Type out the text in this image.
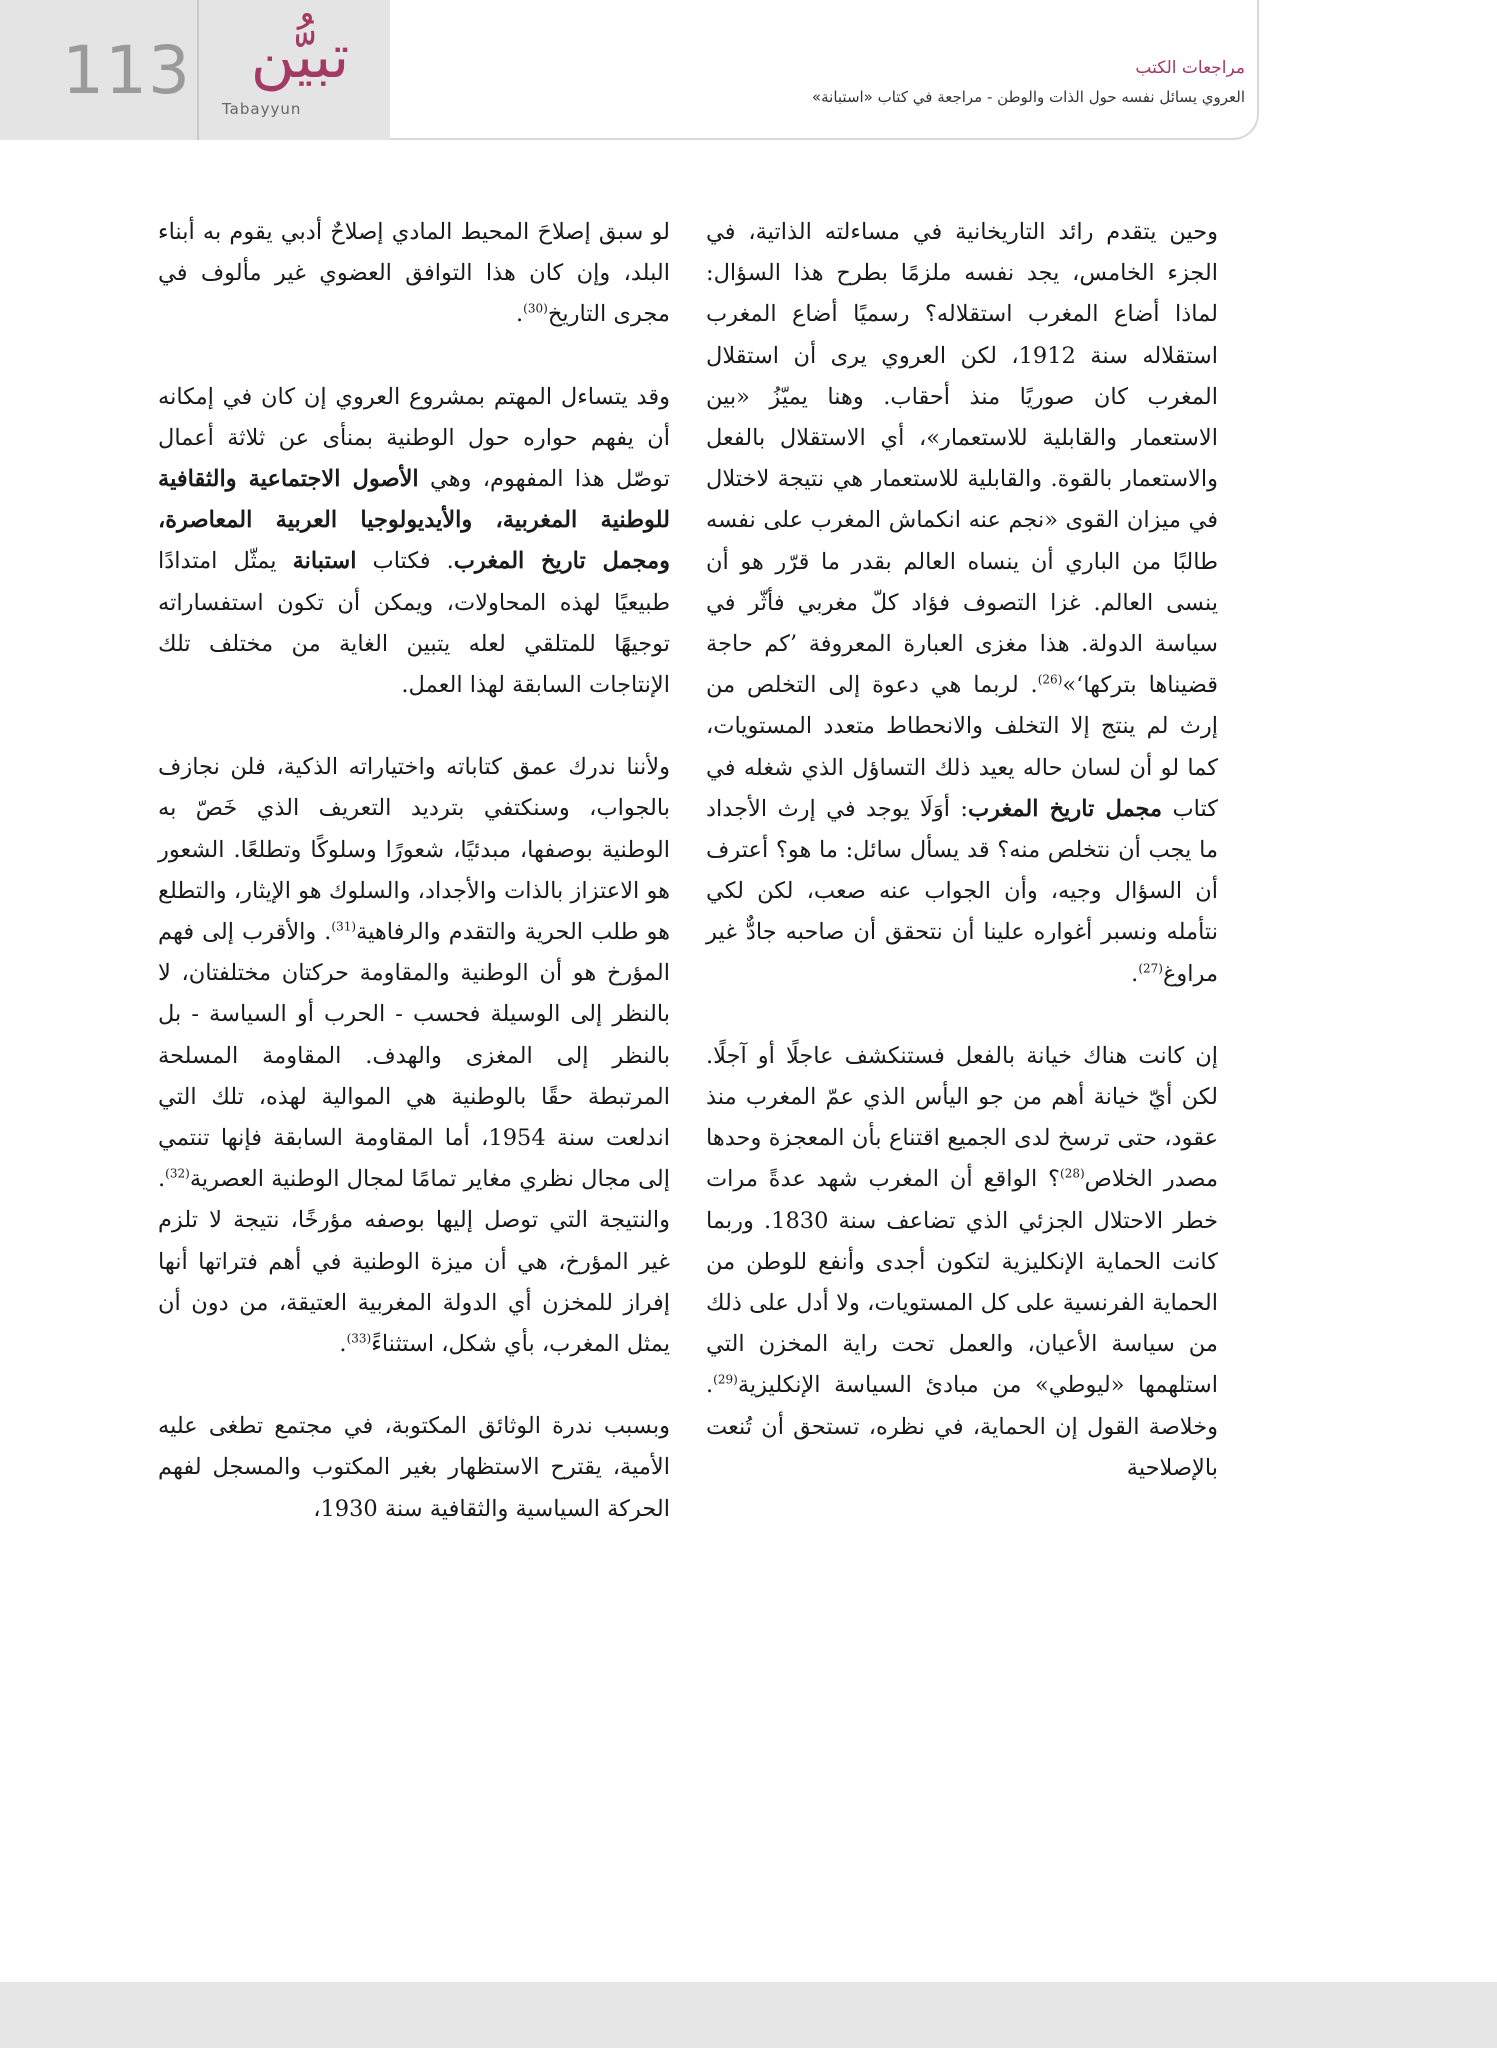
113 تبيُّن
Tabayyun
مراجعات الكتب
العروي يسائل نفسه حول الذات والوطن - مراجعة في كتاب «استبانة»

وحين يتقدم رائد التاريخانية في مساءلته الذاتية، في الجزء الخامس، يجد نفسه ملزمًا بطرح هذا السؤال: لماذا أضاع المغرب استقلاله؟ رسميًا أضاع المغرب استقلاله سنة 1912، لكن العروي يرى أن استقلال المغرب كان صوريًا منذ أحقاب. وهنا يميّزُ «بين الاستعمار والقابلية للاستعمار»، أي الاستقلال بالفعل والاستعمار بالقوة. والقابلية للاستعمار هي نتيجة لاختلال في ميزان القوى «نجم عنه انكماش المغرب على نفسه طالبًا من الباري أن ينساه العالم بقدر ما قرّر هو أن ينسى العالم. غزا التصوف فؤاد كلّ مغربي فأثّر في سياسة الدولة. هذا مغزى العبارة المعروفة ’كم حاجة قضيناها بتركها‘»$^{(26)}$. لربما هي دعوة إلى التخلص من إرث لم ينتج إلا التخلف والانحطاط متعدد المستويات، كما لو أن لسان حاله يعيد ذلك التساؤل الذي شغله في كتاب مجمل تاريخ المغرب: أوَلَا يوجد في إرث الأجداد ما يجب أن نتخلص منه؟ قد يسأل سائل: ما هو؟ أعترف أن السؤال وجيه، وأن الجواب عنه صعب، لكن لكي نتأمله ونسبر أغواره علينا أن نتحقق أن صاحبه جادٌّ غير مراوغ$^{(27)}$.

إن كانت هناك خيانة بالفعل فستنكشف عاجلًا أو آجلًا. لكن أيّ خيانة أهم من جو اليأس الذي عمّ المغرب منذ عقود، حتى ترسخ لدى الجميع اقتناع بأن المعجزة وحدها مصدر الخلاص$^{(28)}$؟ الواقع أن المغرب شهد عدةً مرات خطر الاحتلال الجزئي الذي تضاعف سنة 1830. وربما كانت الحماية الإنكليزية لتكون أجدى وأنفع للوطن من الحماية الفرنسية على كل المستويات، ولا أدل على ذلك من سياسة الأعيان، والعمل تحت راية المخزن التي استلهمها «ليوطي» من مبادئ السياسة الإنكليزية$^{(29)}$. وخلاصة القول إن الحماية، في نظره، تستحق أن تُنعت بالإصلاحية

لو سبق إصلاحَ المحيط المادي إصلاحٌ أدبي يقوم به أبناء البلد، وإن كان هذا التوافق العضوي غير مألوف في مجرى التاريخ$^{(30)}$.

وقد يتساءل المهتم بمشروع العروي إن كان في إمكانه أن يفهم حواره حول الوطنية بمنأى عن ثلاثة أعمال توصّل هذا المفهوم، وهي الأصول الاجتماعية والثقافية للوطنية المغربية، والأيديولوجيا العربية المعاصرة، ومجمل تاريخ المغرب. فكتاب استبانة يمثّل امتدادًا طبيعيًا لهذه المحاولات، ويمكن أن تكون استفساراته توجيهًا للمتلقي لعله يتبين الغاية من مختلف تلك الإنتاجات السابقة لهذا العمل.

ولأننا ندرك عمق كتاباته واختياراته الذكية، فلن نجازف بالجواب، وسنكتفي بترديد التعريف الذي خَصّ به الوطنية بوصفها، مبدئيًا، شعورًا وسلوكًا وتطلعًا. الشعور هو الاعتزاز بالذات والأجداد، والسلوك هو الإيثار، والتطلع هو طلب الحرية والتقدم والرفاهية$^{(31)}$. والأقرب إلى فهم المؤرخ هو أن الوطنية والمقاومة حركتان مختلفتان، لا بالنظر إلى الوسيلة فحسب - الحرب أو السياسة - بل بالنظر إلى المغزى والهدف. المقاومة المسلحة المرتبطة حقًا بالوطنية هي الموالية لهذه، تلك التي اندلعت سنة 1954، أما المقاومة السابقة فإنها تنتمي إلى مجال نظري مغاير تمامًا لمجال الوطنية العصرية$^{(32)}$. والنتيجة التي توصل إليها بوصفه مؤرخًا، نتيجة لا تلزم غير المؤرخ، هي أن ميزة الوطنية في أهم فتراتها أنها إفراز للمخزن أي الدولة المغربية العتيقة، من دون أن يمثل المغرب، بأي شكل، استثناءً$^{(33)}$.

وبسبب ندرة الوثائق المكتوبة، في مجتمع تطغى عليه الأمية، يقترح الاستظهار بغير المكتوب والمسجل لفهم الحركة السياسية والثقافية سنة 1930،
